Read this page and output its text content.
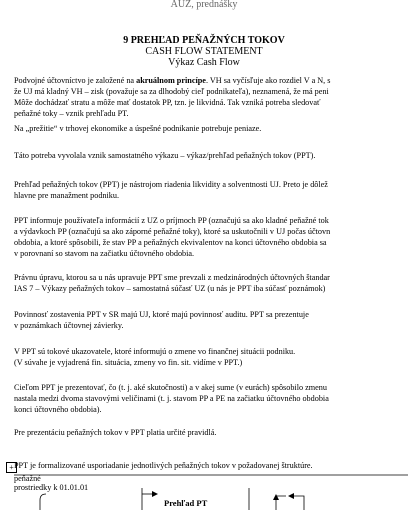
AUZ, prednášky
9 PREHĽAD PEŇAŽNÝCH TOKOV
CASH FLOW STATEMENT
Výkaz Cash Flow
Podvojné účtovníctvo je založené na akruálnom princípe. VH sa vyčísľuje ako rozdiel V a N, s
že UJ má kladný VH – zisk (považuje sa za dlhodobý cieľ podnikateľa), neznamená, že má peni
Môže dochádzať stratu a môže mať dostatok PP, tzn. je likvidná. Tak vzniká potreba sledovať
peňažné toky – vznik prehľadu PT.
Na „prežitie“ v trhovej ekonomike a úspešné podnikanie potrebuje peniaze.
Táto potreba vyvolala vznik samostatného výkazu – výkaz/prehľad peňažných tokov (PPT).
Prehľad peňažných tokov (PPT) je nástrojom riadenia likvidity a solventnosti UJ. Preto je dôlež
hlavne pre manažment podniku.
PPT informuje používateľa informácií z UZ o príjmoch PP (označujú sa ako kladné peňažné tok
a výdavkoch PP (označujú sa ako záporné peňažné toky), ktoré sa uskutočnili v UJ počas účtovn
obdobia, a ktoré spôsobili, že stav PP a peňažných ekvivalentov na konci účtovného obdobia sa
v porovnaní so stavom na začiatku účtovného obdobia.
Právnu úpravu, ktorou sa u nás upravuje PPT sme prevzali z medzinárodných účtovných štandar
IAS 7 – Výkazy peňažných tokov – samostatná súčasť UZ (u nás je PPT iba súčasť poznámok)
Povinnosť zostavenia PPT v SR majú UJ, ktoré majú povinnosť auditu. PPT sa prezentuje
v poznámkach účtovnej závierky.
V PPT sú tokové ukazovatele, ktoré informujú o zmene vo finančnej situácii podniku.
(V súvahe je vyjadrená fin. situácia, zmeny vo fin. sit. vidíme v PPT.)
Cieľom PPT je prezentovať, čo (t. j. aké skutočnosti) a v akej sume (v eurách) spôsobilo zmenu
nastala medzi dvoma stavovými veličinami (t. j. stavom PP a PE na začiatku účtovného obdobia
konci účtovného obdobia).
Pre prezentáciu peňažných tokov v PPT platia určité pravidlá.
PPT je formalizované usporiadanie jednotlivých peňažných tokov v požadovanej štruktúre.
+
peňažné
prostriedky k 01.01.01
Prehľad PT
